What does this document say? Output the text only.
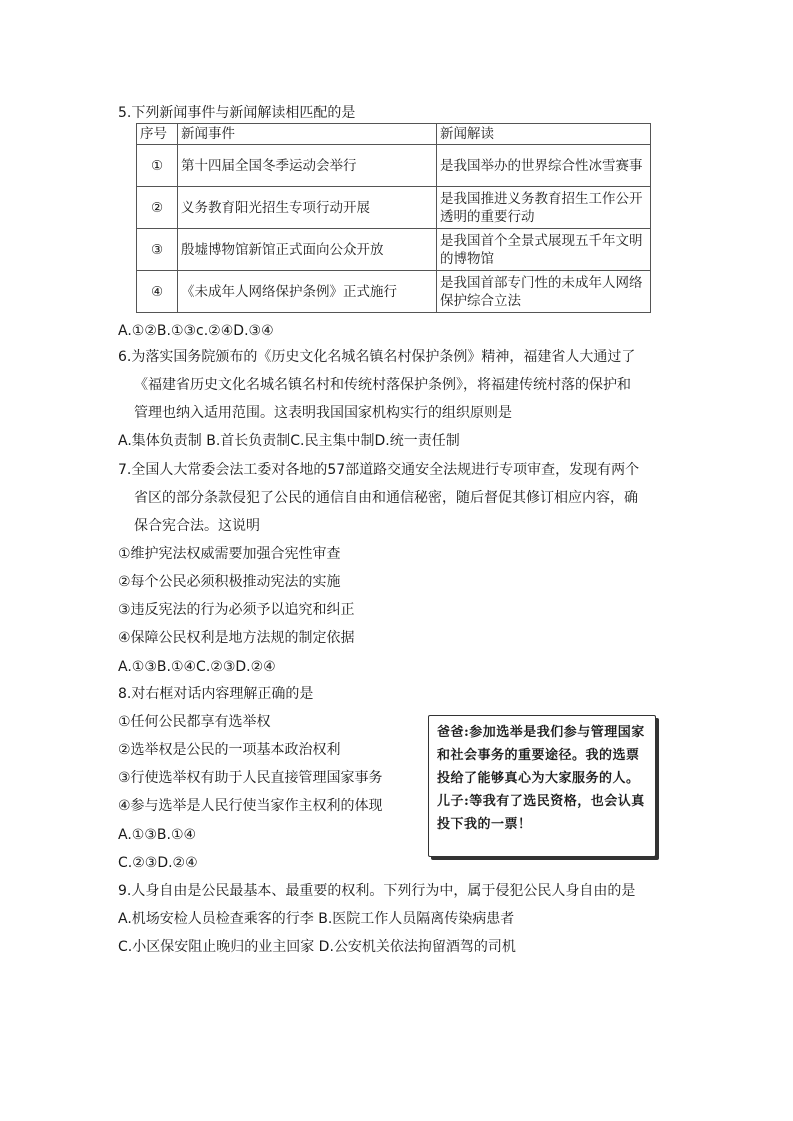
5.下列新闻事件与新闻解读相匹配的是
序号	新闻事件	新闻解读
①	第十四届全国冬季运动会举行	是我国举办的世界综合性冰雪赛事
②	义务教育阳光招生专项行动开展	是我国推进义务教育招生工作公开透明的重要行动
③	殷墟博物馆新馆正式面向公众开放	是我国首个全景式展现五千年文明的博物馆
④	《未成年人网络保护条例》正式施行	是我国首部专门性的未成年人网络保护综合立法
A.①②B.①③c.②④D.③④
6.为落实国务院颁布的《历史文化名城名镇名村保护条例》精神，福建省人大通过了
《福建省历史文化名城名镇名村和传统村落保护条例》，将福建传统村落的保护和
管理也纳入适用范围。这表明我国国家机构实行的组织原则是
A.集体负责制 B.首长负责制C.民主集中制D.统一责任制
7.全国人大常委会法工委对各地的57部道路交通安全法规进行专项审查，发现有两个
省区的部分条款侵犯了公民的通信自由和通信秘密，随后督促其修订相应内容，确
保合宪合法。这说明
①维护宪法权威需要加强合宪性审查
②每个公民必须积极推动宪法的实施
③违反宪法的行为必须予以追究和纠正
④保障公民权利是地方法规的制定依据
A.①③B.①④C.②③D.②④
8.对右框对话内容理解正确的是
①任何公民都享有选举权
②选举权是公民的一项基本政治权利
③行使选举权有助于人民直接管理国家事务
④参与选举是人民行使当家作主权利的体现
A.①③B.①④
C.②③D.②④

爸爸:参加选举是我们参与管理国家和社会事务的重要途径。我的选票投给了能够真心为大家服务的人。儿子:等我有了选民资格，也会认真投下我的一票！

9.人身自由是公民最基本、最重要的权利。下列行为中，属于侵犯公民人身自由的是
A.机场安检人员检查乘客的行李 B.医院工作人员隔离传染病患者
C.小区保安阻止晚归的业主回家 D.公安机关依法拘留酒驾的司机
